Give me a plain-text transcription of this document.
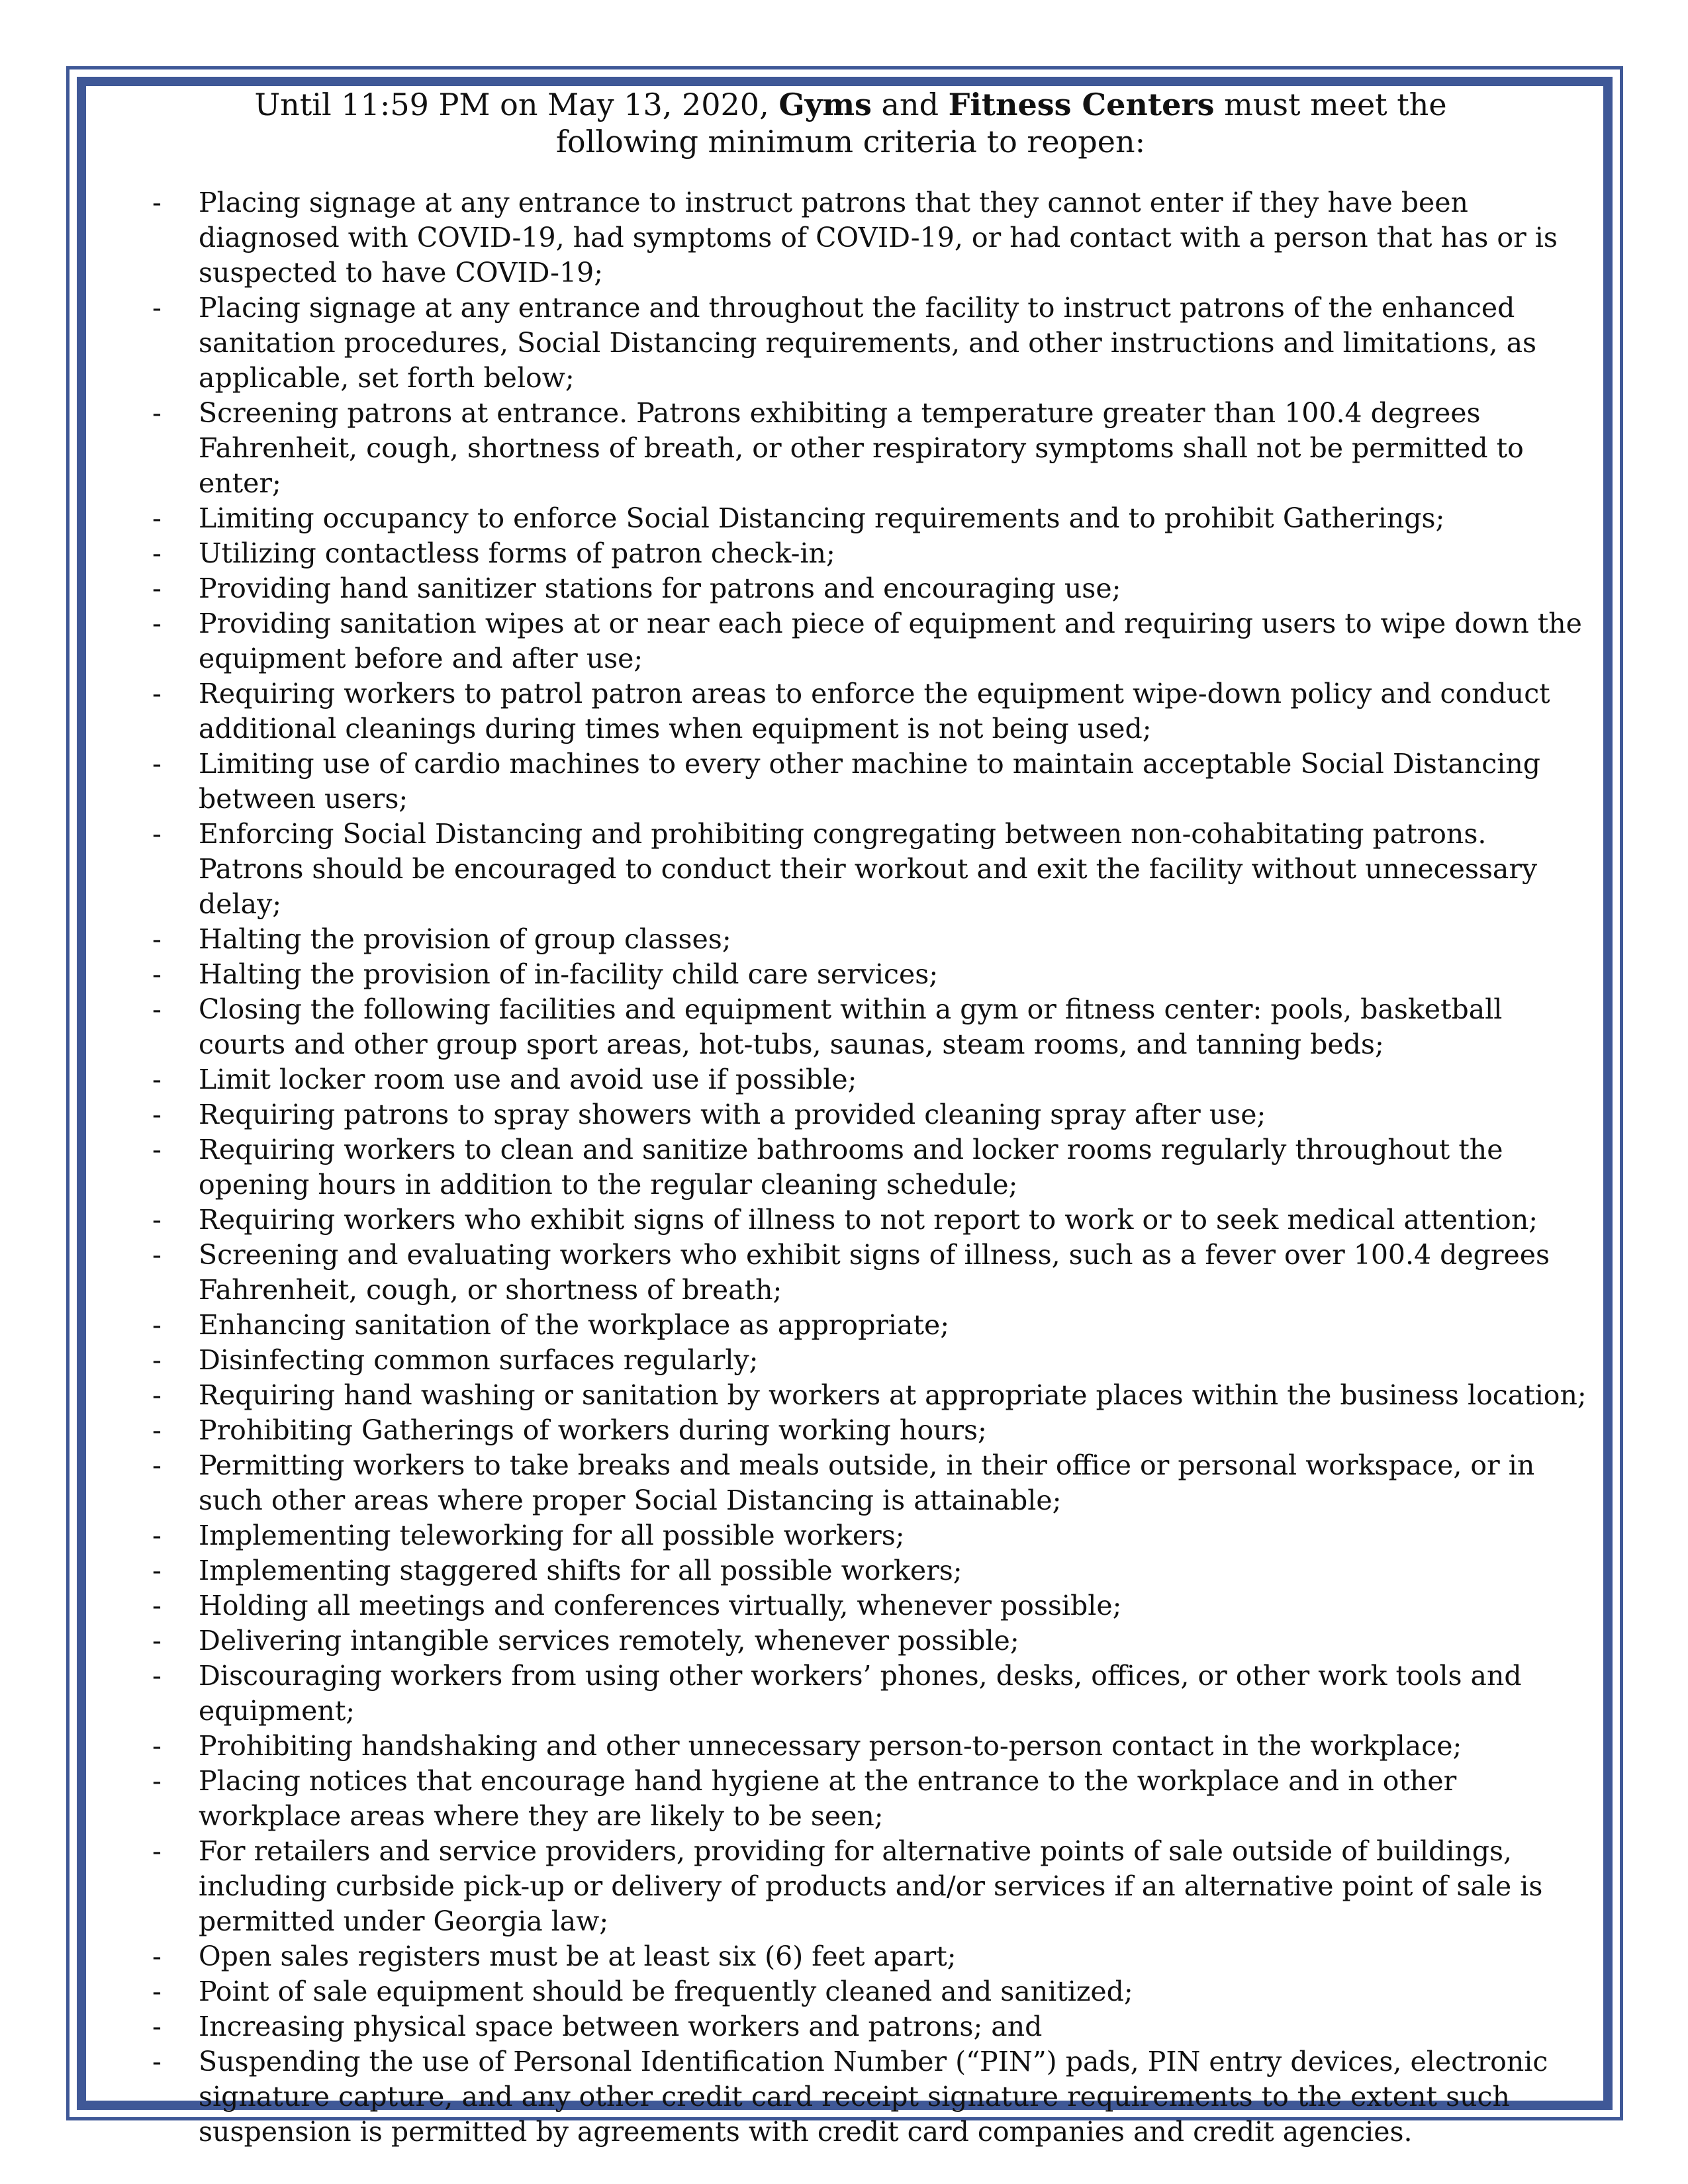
Until 11:59 PM on May 13, 2020, Gyms and Fitness Centers must meet the following minimum criteria to reopen:
- Placing signage at any entrance to instruct patrons that they cannot enter if they have been diagnosed with COVID-19, had symptoms of COVID-19, or had contact with a person that has or is suspected to have COVID-19;
- Placing signage at any entrance and throughout the facility to instruct patrons of the enhanced sanitation procedures, Social Distancing requirements, and other instructions and limitations, as applicable, set forth below;
- Screening patrons at entrance. Patrons exhibiting a temperature greater than 100.4 degrees Fahrenheit, cough, shortness of breath, or other respiratory symptoms shall not be permitted to enter;
- Limiting occupancy to enforce Social Distancing requirements and to prohibit Gatherings;
- Utilizing contactless forms of patron check-in;
- Providing hand sanitizer stations for patrons and encouraging use;
- Providing sanitation wipes at or near each piece of equipment and requiring users to wipe down the equipment before and after use;
- Requiring workers to patrol patron areas to enforce the equipment wipe-down policy and conduct additional cleanings during times when equipment is not being used;
- Limiting use of cardio machines to every other machine to maintain acceptable Social Distancing between users;
- Enforcing Social Distancing and prohibiting congregating between non-cohabitating patrons. Patrons should be encouraged to conduct their workout and exit the facility without unnecessary delay;
- Halting the provision of group classes;
- Halting the provision of in-facility child care services;
- Closing the following facilities and equipment within a gym or fitness center: pools, basketball courts and other group sport areas, hot-tubs, saunas, steam rooms, and tanning beds;
- Limit locker room use and avoid use if possible;
- Requiring patrons to spray showers with a provided cleaning spray after use;
- Requiring workers to clean and sanitize bathrooms and locker rooms regularly throughout the opening hours in addition to the regular cleaning schedule;
- Requiring workers who exhibit signs of illness to not report to work or to seek medical attention;
- Screening and evaluating workers who exhibit signs of illness, such as a fever over 100.4 degrees Fahrenheit, cough, or shortness of breath;
- Enhancing sanitation of the workplace as appropriate;
- Disinfecting common surfaces regularly;
- Requiring hand washing or sanitation by workers at appropriate places within the business location;
- Prohibiting Gatherings of workers during working hours;
- Permitting workers to take breaks and meals outside, in their office or personal workspace, or in such other areas where proper Social Distancing is attainable;
- Implementing teleworking for all possible workers;
- Implementing staggered shifts for all possible workers;
- Holding all meetings and conferences virtually, whenever possible;
- Delivering intangible services remotely, whenever possible;
- Discouraging workers from using other workers’ phones, desks, offices, or other work tools and equipment;
- Prohibiting handshaking and other unnecessary person-to-person contact in the workplace;
- Placing notices that encourage hand hygiene at the entrance to the workplace and in other workplace areas where they are likely to be seen;
- For retailers and service providers, providing for alternative points of sale outside of buildings, including curbside pick-up or delivery of products and/or services if an alternative point of sale is permitted under Georgia law;
- Open sales registers must be at least six (6) feet apart;
- Point of sale equipment should be frequently cleaned and sanitized;
- Increasing physical space between workers and patrons; and
- Suspending the use of Personal Identification Number (“PIN”) pads, PIN entry devices, electronic signature capture, and any other credit card receipt signature requirements to the extent such suspension is permitted by agreements with credit card companies and credit agencies.
